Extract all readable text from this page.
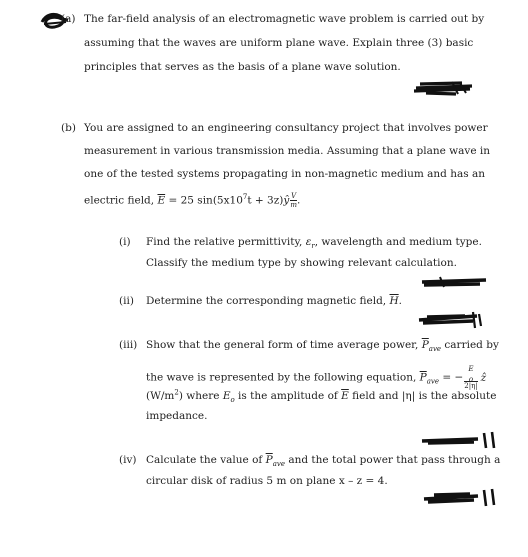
(a) The far-field analysis of an electromagnetic wave problem is carried out by
assuming that the waves are uniform plane wave. Explain three (3) basic
principles that serves as the basis of a plane wave solution.
(b) You are assigned to an engineering consultancy project that involves power
measurement in various transmission media. Assuming that a plane wave in
one of the tested systems propagating in non-magnetic medium and has an
electric field, $\overline{E} = 25$ $\sin(5x10^7t$ + 3z)ŷ $\frac{V}{m}$ .
(i) Find the relative permittivity, $\varepsilon_r$, wavelength and medium type.
Classify the medium type by showing relevant calculation.
(ii) Determine the corresponding magnetic field, $\overline{H}$.
(iii) Show that the general form of time average power, $\overline{P}_{ave}$ carried by
the wave is represented by the following equation, $\overline{P}_{ave}$ = − E
$_o$
2|η| ẑ
$(W/m^2)$ where $E_o$ is the amplitude of $\overline{E}$ field and |η| is the absolute
impedance.
(iv) Calculate the value of $\overline{P}_{ave}$ and the total power that pass through a
circular disk of radius 5 m on plane x – z = 4.
